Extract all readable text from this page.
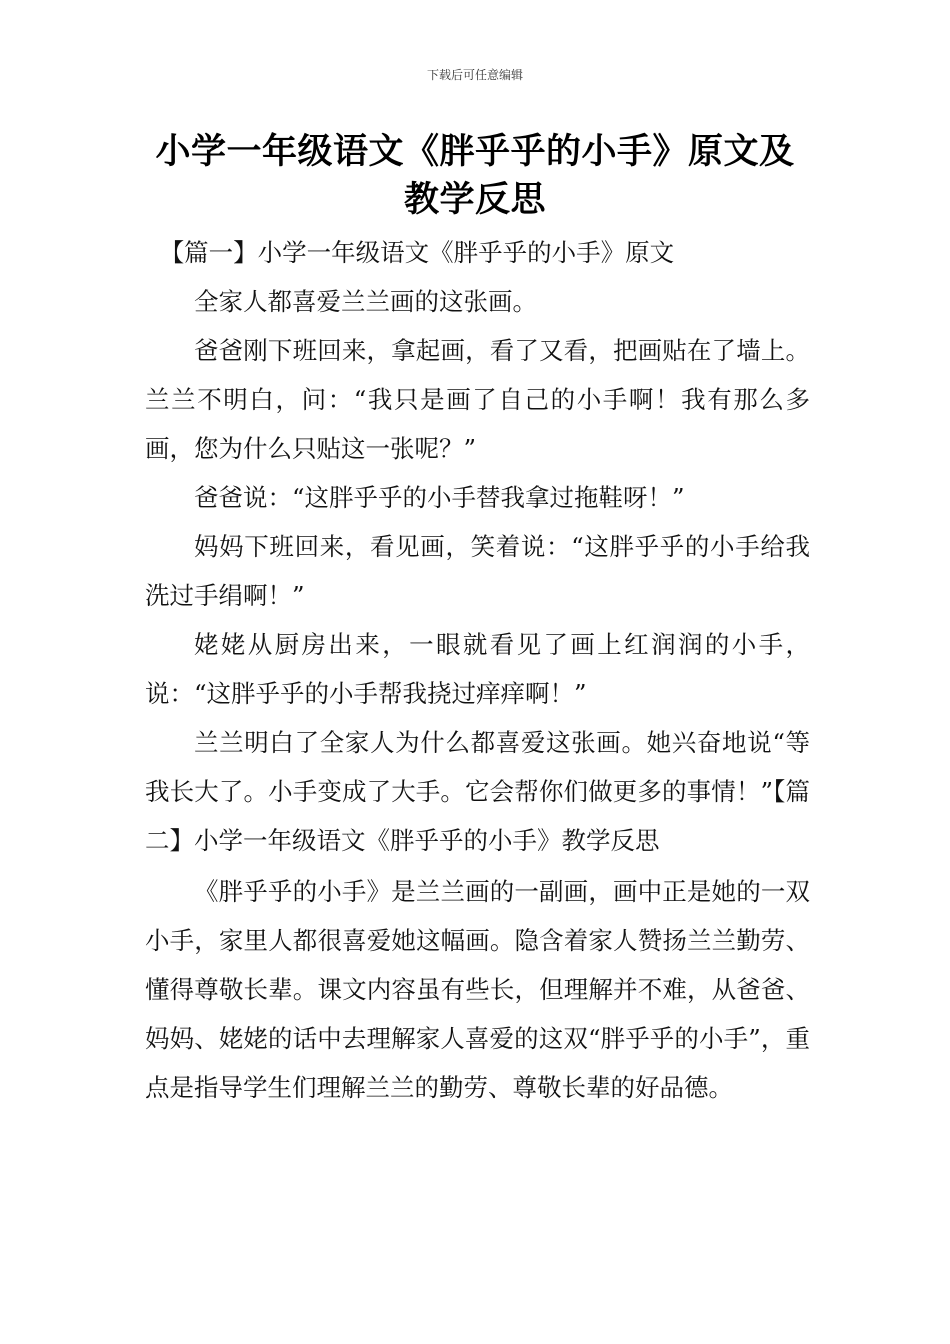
下载后可任意编辑
小学一年级语文《胖乎乎的小手》原文及
教学反思

【篇一】小学一年级语文《胖乎乎的小手》原文

全家人都喜爱兰兰画的这张画。

爸爸刚下班回来，拿起画，看了又看，把画贴在了墙上。兰兰不明白，问：“我只是画了自己的小手啊！我有那么多画，您为什么只贴这一张呢？”

爸爸说：“这胖乎乎的小手替我拿过拖鞋呀！”

妈妈下班回来，看见画，笑着说：“这胖乎乎的小手给我洗过手绢啊！”

姥姥从厨房出来，一眼就看见了画上红润润的小手，说：“这胖乎乎的小手帮我挠过痒痒啊！”

兰兰明白了全家人为什么都喜爱这张画。她兴奋地说“等我长大了。小手变成了大手。它会帮你们做更多的事情！”【篇二】小学一年级语文《胖乎乎的小手》教学反思

《胖乎乎的小手》是兰兰画的一副画，画中正是她的一双小手，家里人都很喜爱她这幅画。隐含着家人赞扬兰兰勤劳、懂得尊敬长辈。课文内容虽有些长，但理解并不难，从爸爸、妈妈、姥姥的话中去理解家人喜爱的这双“胖乎乎的小手”，重点是指导学生们理解兰兰的勤劳、尊敬长辈的好品德。
